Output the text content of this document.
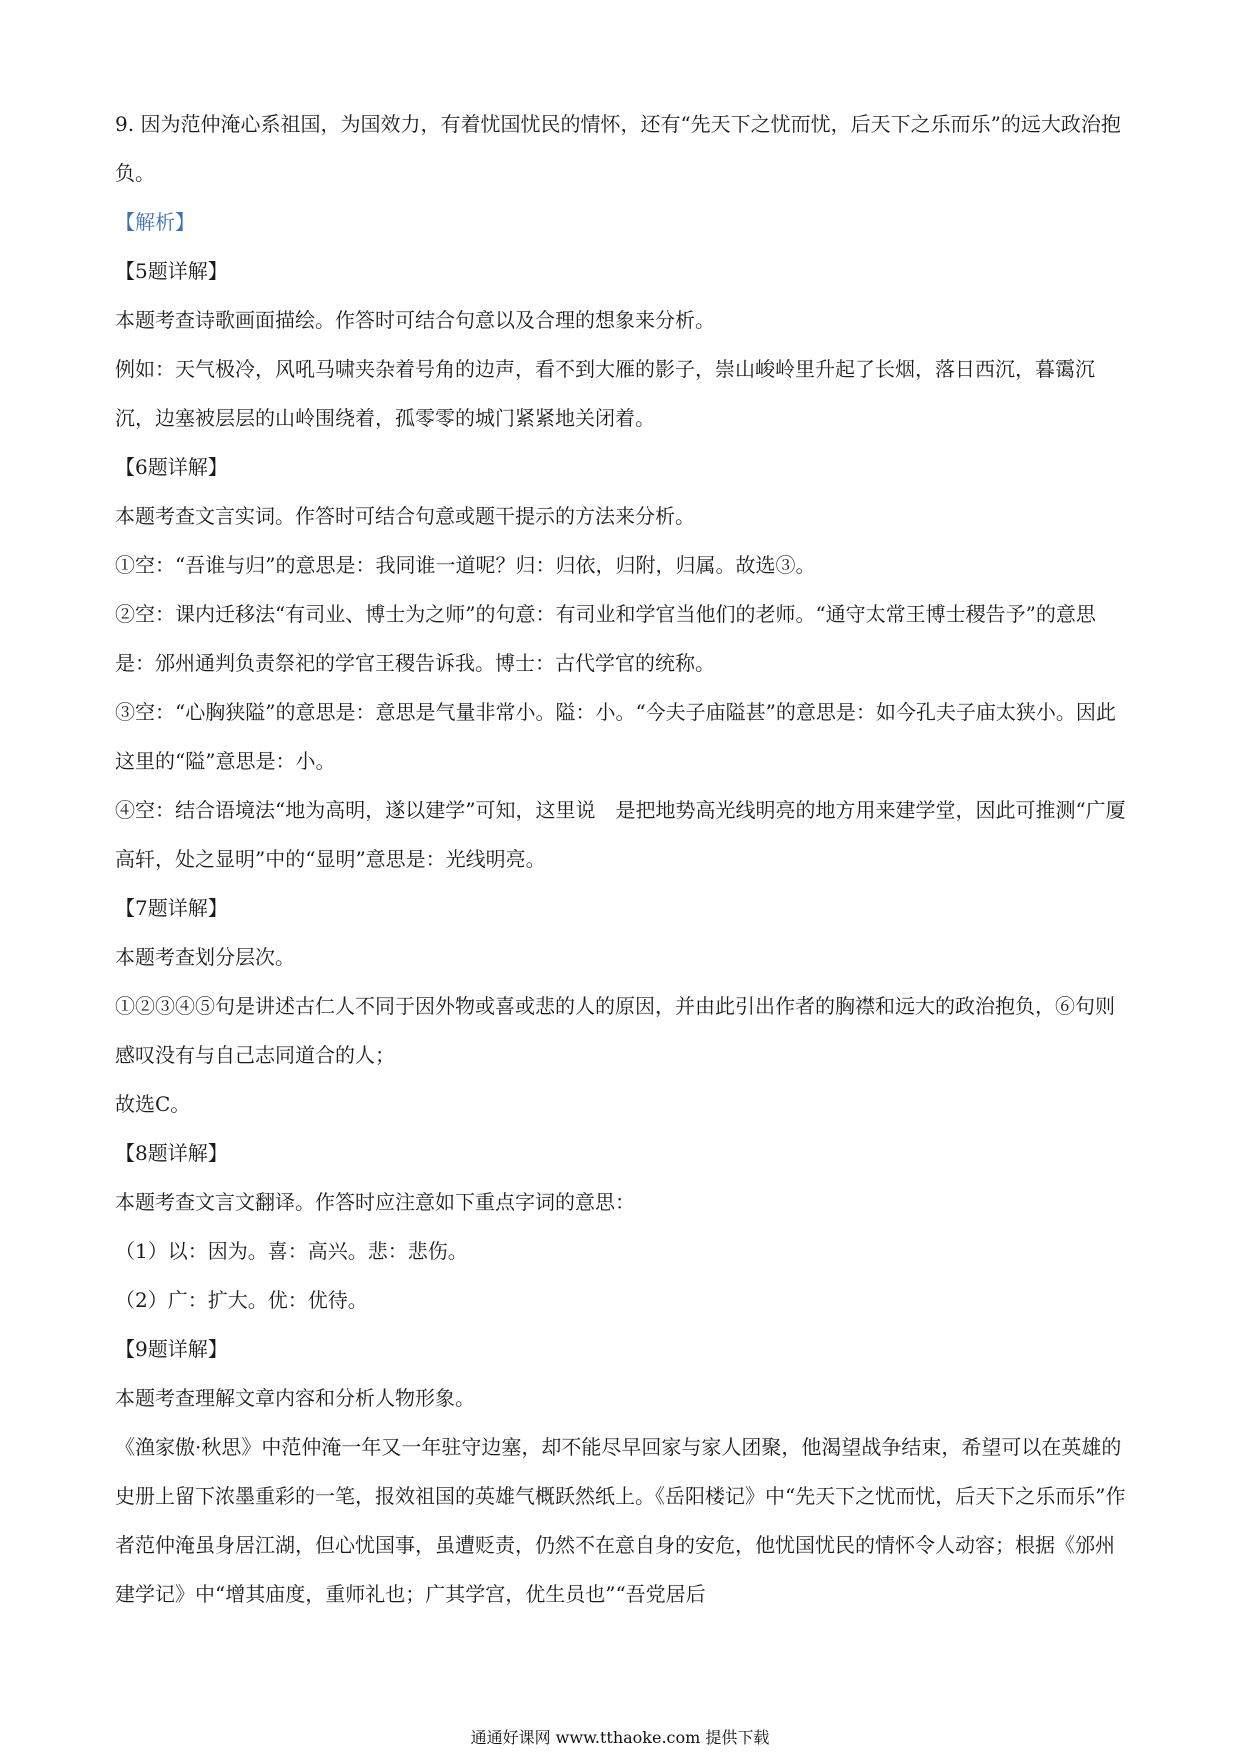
9. 因为范仲淹心系祖国，为国效力，有着忧国忧民的情怀，还有“先天下之忧而忧，后天下之乐而乐”的远大政治抱负。

【解析】

【5题详解】

本题考查诗歌画面描绘。作答时可结合句意以及合理的想象来分析。

例如：天气极冷，风吼马啸夹杂着号角的边声，看不到大雁的影子，崇山峻岭里升起了长烟，落日西沉，暮霭沉沉，边塞被层层的山岭围绕着，孤零零的城门紧紧地关闭着。

【6题详解】

本题考查文言实词。作答时可结合句意或题干提示的方法来分析。

①空：“吾谁与归”的意思是：我同谁一道呢？归：归依，归附，归属。故选③。

②空：课内迁移法“有司业、博士为之师”的句意：有司业和学官当他们的老师。“通守太常王博士稷告予”的意思是：邠州通判负责祭祀的学官王稷告诉我。博士：古代学官的统称。

③空：“心胸狭隘”的意思是：意思是气量非常小。隘：小。“今夫子庙隘甚”的意思是：如今孔夫子庙太狭小。因此这里的“隘”意思是：小。

④空：结合语境法“地为高明，遂以建学”可知，这里说　是把地势高光线明亮的地方用来建学堂，因此可推测“广厦高轩，处之显明”中的“显明”意思是：光线明亮。

【7题详解】

本题考查划分层次。

①②③④⑤句是讲述古仁人不同于因外物或喜或悲的人的原因，并由此引出作者的胸襟和远大的政治抱负，⑥句则感叹没有与自己志同道合的人；

故选C。

【8题详解】

本题考查文言文翻译。作答时应注意如下重点字词的意思：

（1）以：因为。喜：高兴。悲：悲伤。

（2）广：扩大。优：优待。

【9题详解】

本题考查理解文章内容和分析人物形象。

《渔家傲·秋思》中范仲淹一年又一年驻守边塞，却不能尽早回家与家人团聚，他渴望战争结束，希望可以在英雄的史册上留下浓墨重彩的一笔，报效祖国的英雄气概跃然纸上。《岳阳楼记》中“先天下之忧而忧，后天下之乐而乐”作者范仲淹虽身居江湖，但心忧国事，虽遭贬责，仍然不在意自身的安危，他忧国忧民的情怀令人动容；根据《邠州建学记》中“增其庙度，重师礼也；广其学宫，优生员也”“吾党居后

通通好课网 www.tthaoke.com 提供下载
